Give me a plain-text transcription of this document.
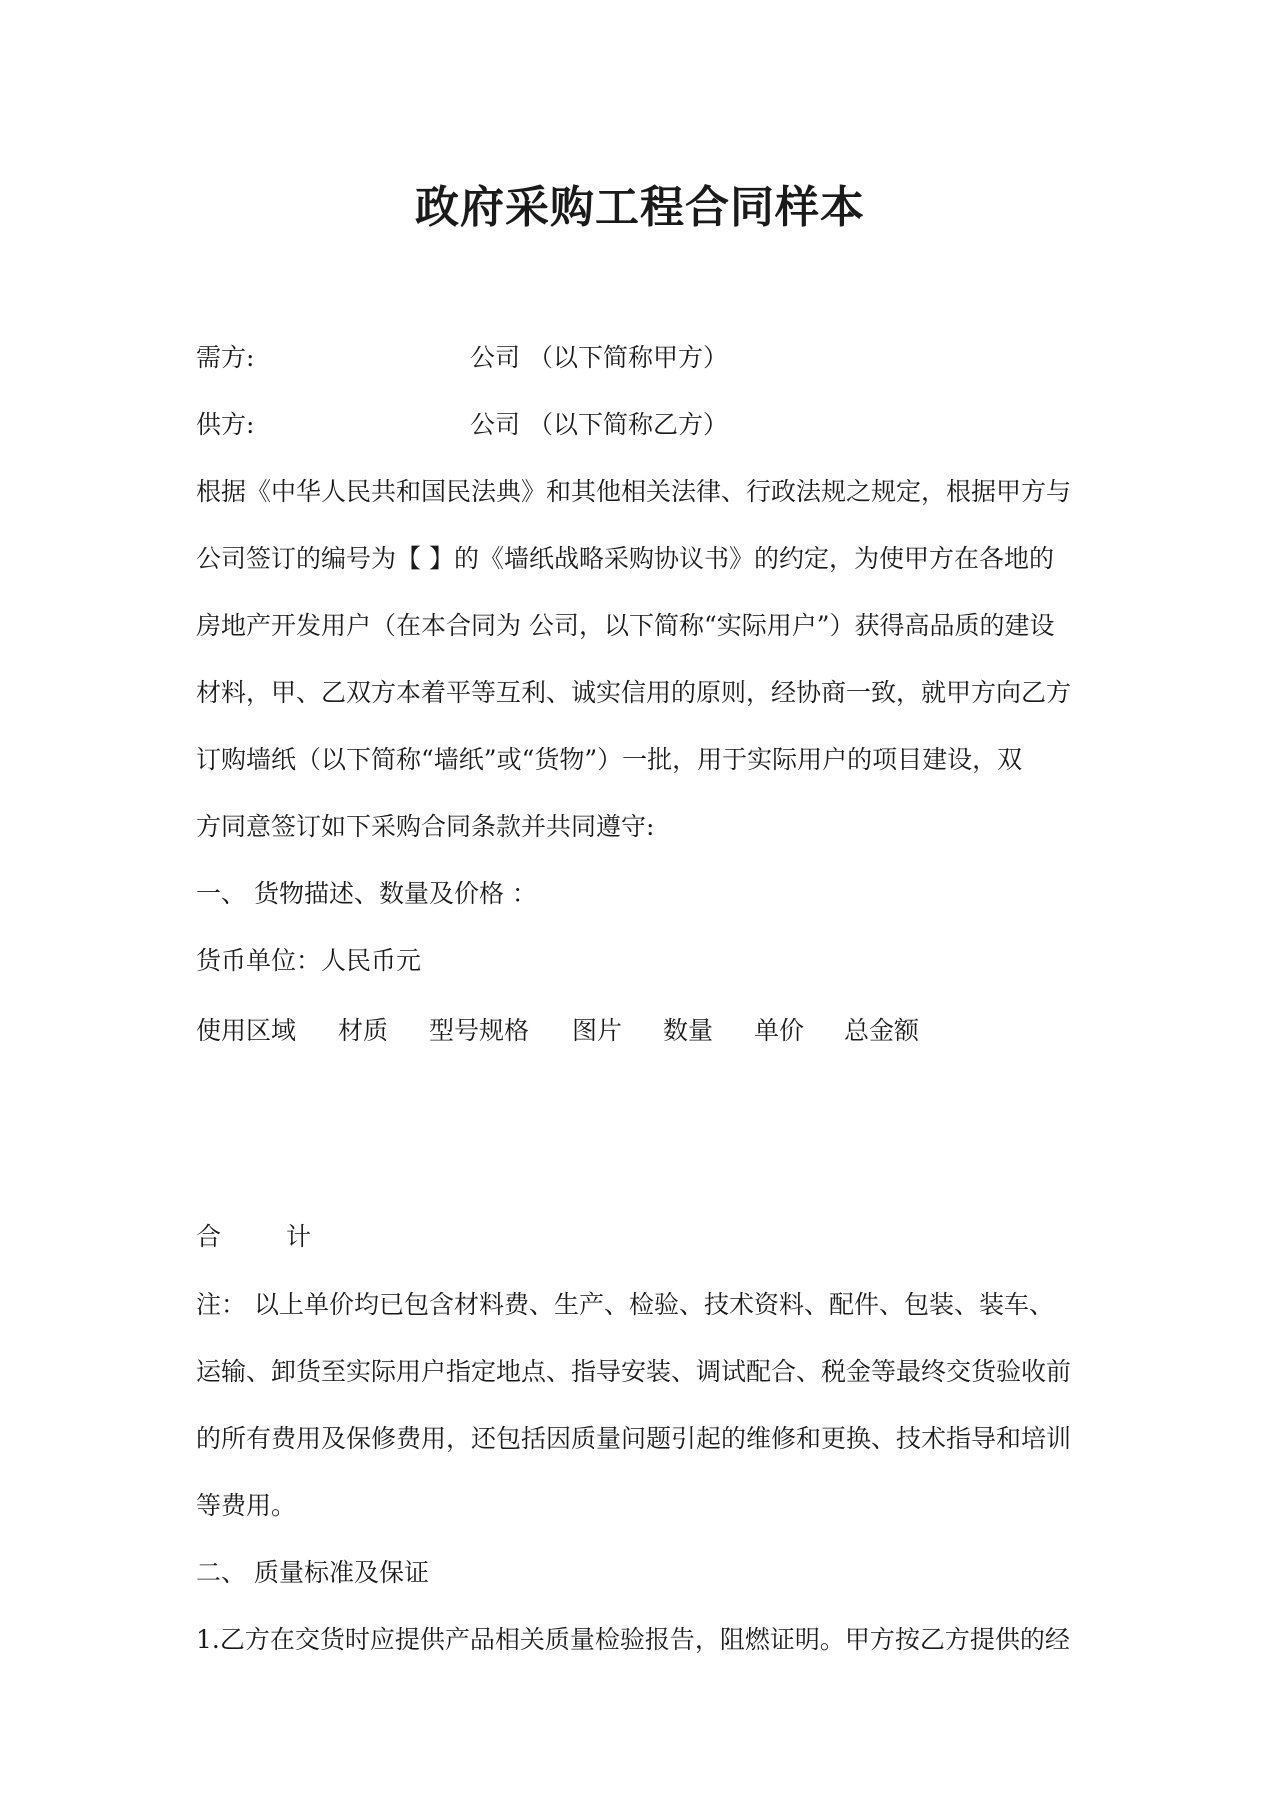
政府采购工程合同样本
需方:	公司 （以下简称甲方）
供方:	公司 （以下简称乙方）
根据《中华人民共和国民法典》和其他相关法律、行政法规之规定，根据甲方与
公司签订的编号为【 】的《墙纸战略采购协议书》的约定，为使甲方在各地的
房地产开发用户（在本合同为 公司，以下简称“实际用户”）获得高品质的建设
材料，甲、乙双方本着平等互利、诚实信用的原则，经协商一致，就甲方向乙方
订购墙纸（以下简称“墙纸”或“货物”）一批，用于实际用户的项目建设，双
方同意签订如下采购合同条款并共同遵守:
一、 货物描述、数量及价格 ：
货币单位：人民币元
使用区域 材质 型号规格 图片 数量 单价 总金额
合	计
注： 以上单价均已包含材料费、生产、检验、技术资料、配件、包装、装车、
运输、卸货至实际用户指定地点、指导安装、调试配合、税金等最终交货验收前
的所有费用及保修费用，还包括因质量问题引起的维修和更换、技术指导和培训
等费用。
二、 质量标准及保证
1.乙方在交货时应提供产品相关质量检验报告，阻燃证明。甲方按乙方提供的经
